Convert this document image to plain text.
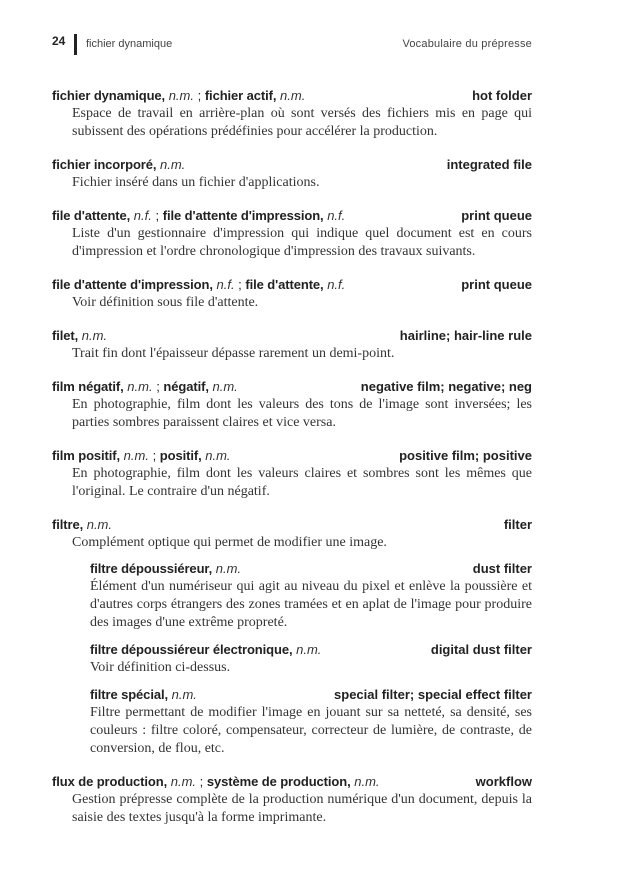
24 fichier dynamique	Vocabulaire du prépresse
fichier dynamique, n.m. ; fichier actif, n.m.	hot folder
Espace de travail en arrière-plan où sont versés des fichiers mis en page qui subissent des opérations prédéfinies pour accélérer la production.
fichier incorporé, n.m.	integrated file
Fichier inséré dans un fichier d'applications.
file d'attente, n.f. ; file d'attente d'impression, n.f.	print queue
Liste d'un gestionnaire d'impression qui indique quel document est en cours d'impression et l'ordre chronologique d'impression des travaux suivants.
file d'attente d'impression, n.f. ; file d'attente, n.f.	print queue
Voir définition sous file d'attente.
filet, n.m.	hairline; hair-line rule
Trait fin dont l'épaisseur dépasse rarement un demi-point.
film négatif, n.m. ; négatif, n.m.	negative film; negative; neg
En photographie, film dont les valeurs des tons de l'image sont inversées; les parties sombres paraissent claires et vice versa.
film positif, n.m. ; positif, n.m.	positive film; positive
En photographie, film dont les valeurs claires et sombres sont les mêmes que l'original. Le contraire d'un négatif.
filtre, n.m.	filter
Complément optique qui permet de modifier une image.
filtre dépoussiéreur, n.m.	dust filter
Élément d'un numériseur qui agit au niveau du pixel et enlève la poussière et d'autres corps étrangers des zones tramées et en aplat de l'image pour produire des images d'une extrême propreté.
filtre dépoussiéreur électronique, n.m.	digital dust filter
Voir définition ci-dessus.
filtre spécial, n.m.	special filter; special effect filter
Filtre permettant de modifier l'image en jouant sur sa netteté, sa densité, ses couleurs : filtre coloré, compensateur, correcteur de lumière, de contraste, de conversion, de flou, etc.
flux de production, n.m. ; système de production, n.m.	workflow
Gestion prépresse complète de la production numérique d'un document, depuis la saisie des textes jusqu'à la forme imprimante.
